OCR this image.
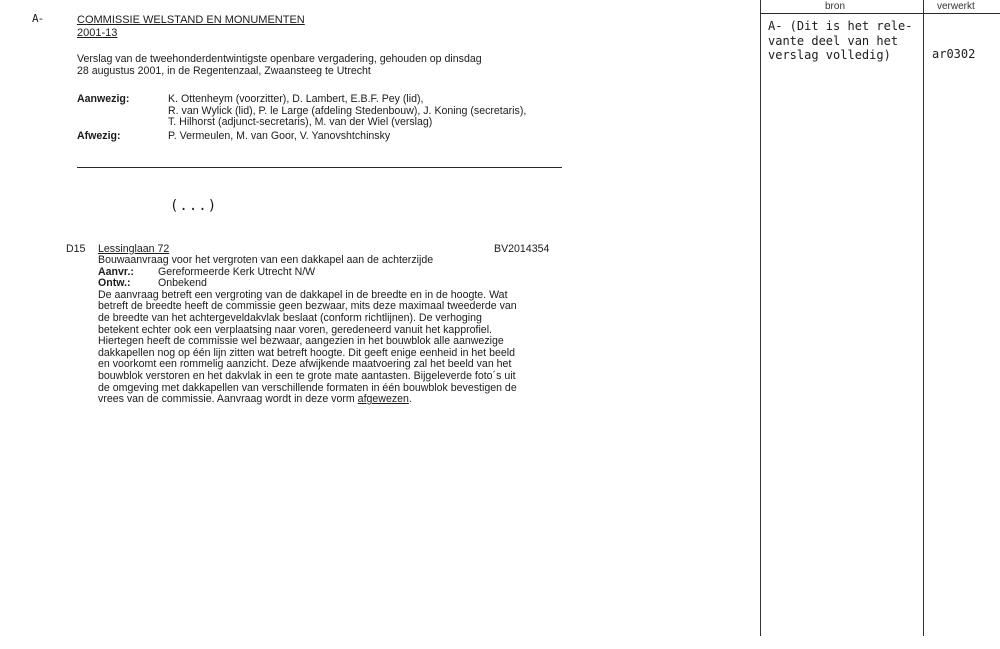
A-	COMMISSIE WELSTAND EN MONUMENTEN
2001-13
Verslag van de tweehonderdentwintigste openbare vergadering, gehouden op dinsdag
28 augustus 2001, in de Regentenzaal, Zwaansteeg te Utrecht
Aanwezig:	K. Ottenheym (voorzitter), D. Lambert, E.B.F. Pey (lid),
R. van Wylick (lid), P. le Large (afdeling Stedenbouw), J. Koning (secretaris),
T. Hilhorst (adjunct-secretaris), M. van der Wiel (verslag)
Afwezig:	P. Vermeulen, M. van Goor, V. Yanovshtchinsky
(...)
D15 Lessinglaan 72	BV2014354
Bouwaanvraag voor het vergroten van een dakkapel aan de achterzijde
Aanvr.:	Gereformeerde Kerk Utrecht N/W
Ontw.:	Onbekend
De aanvraag betreft een vergroting van de dakkapel in de breedte en in de hoogte. Wat
betreft de breedte heeft de commissie geen bezwaar, mits deze maximaal tweederde van
de breedte van het achtergeveldakvlak beslaat (conform richtlijnen). De verhoging
betekent echter ook een verplaatsing naar voren, geredeneerd vanuit het kapprofiel.
Hiertegen heeft de commissie wel bezwaar, aangezien in het bouwblok alle aanwezige
dakkapellen nog op één lijn zitten wat betreft hoogte. Dit geeft enige eenheid in het beeld
en voorkomt een rommelig aanzicht. Deze afwijkende maatvoering zal het beeld van het
bouwblok verstoren en het dakvlak in een te grote mate aantasten. Bijgeleverde foto´s uit
de omgeving met dakkapellen van verschillende formaten in één bouwblok bevestigen de
vrees van de commissie. Aanvraag wordt in deze vorm afgewezen.
bron	verwerkt
A- (Dit is het rele-
vante deel van het
verslag volledig)	ar0302
